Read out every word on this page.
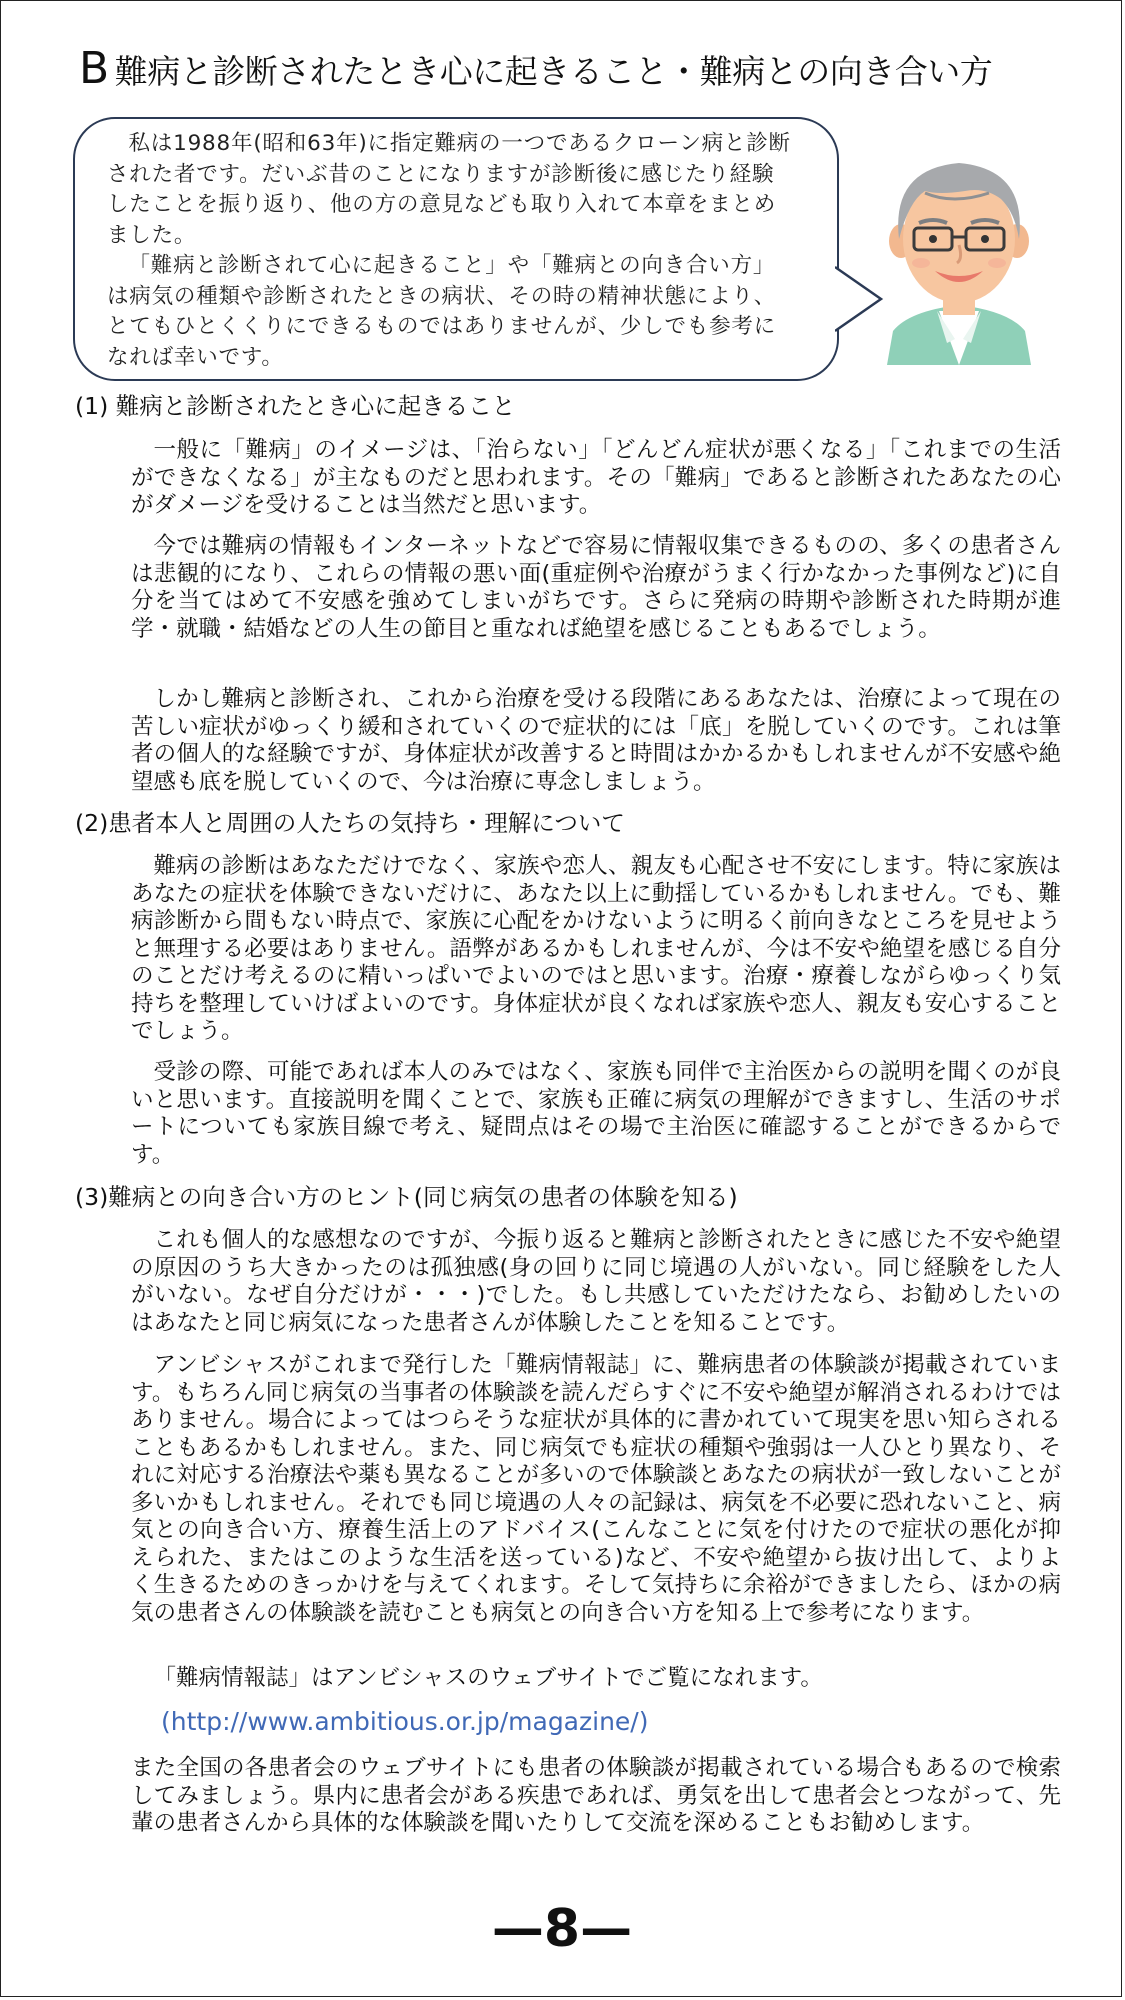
B 難病と診断されたとき心に起きること・難病との向き合い方

私は1988年(昭和63年)に指定難病の一つであるクローン病と診断された者です。だいぶ昔のことになりますが診断後に感じたり経験したことを振り返り、他の方の意見なども取り入れて本章をまとめました。

「難病と診断されて心に起きること」や「難病との向き合い方」は病気の種類や診断されたときの病状、その時の精神状態により、とてもひとくくりにできるものではありませんが、少しでも参考になれば幸いです。

(1) 難病と診断されたとき心に起きること

一般に「難病」のイメージは、「治らない」「どんどん症状が悪くなる」「これまでの生活ができなくなる」が主なものだと思われます。その「難病」であると診断されたあなたの心がダメージを受けることは当然だと思います。

今では難病の情報もインターネットなどで容易に情報収集できるものの、多くの患者さんは悲観的になり、これらの情報の悪い面(重症例や治療がうまく行かなかった事例など)に自分を当てはめて不安感を強めてしまいがちです。さらに発病の時期や診断された時期が進学・就職・結婚などの人生の節目と重なれば絶望を感じることもあるでしょう。

しかし難病と診断され、これから治療を受ける段階にあるあなたは、治療によって現在の苦しい症状がゆっくり緩和されていくので症状的には「底」を脱していくのです。これは筆者の個人的な経験ですが、身体症状が改善すると時間はかかるかもしれませんが不安感や絶望感も底を脱していくので、今は治療に専念しましょう。

(2)患者本人と周囲の人たちの気持ち・理解について

難病の診断はあなただけでなく、家族や恋人、親友も心配させ不安にします。特に家族はあなたの症状を体験できないだけに、あなた以上に動揺しているかもしれません。でも、難病診断から間もない時点で、家族に心配をかけないように明るく前向きなところを見せようと無理する必要はありません。語弊があるかもしれませんが、今は不安や絶望を感じる自分のことだけ考えるのに精いっぱいでよいのではと思います。治療・療養しながらゆっくり気持ちを整理していけばよいのです。身体症状が良くなれば家族や恋人、親友も安心することでしょう。

受診の際、可能であれば本人のみではなく、家族も同伴で主治医からの説明を聞くのが良いと思います。直接説明を聞くことで、家族も正確に病気の理解ができますし、生活のサポートについても家族目線で考え、疑問点はその場で主治医に確認することができるからです。

(3)難病との向き合い方のヒント(同じ病気の患者の体験を知る)

これも個人的な感想なのですが、今振り返ると難病と診断されたときに感じた不安や絶望の原因のうち大きかったのは孤独感(身の回りに同じ境遇の人がいない。同じ経験をした人がいない。なぜ自分だけが・・・)でした。もし共感していただけたなら、お勧めしたいのはあなたと同じ病気になった患者さんが体験したことを知ることです。

アンビシャスがこれまで発行した「難病情報誌」に、難病患者の体験談が掲載されています。もちろん同じ病気の当事者の体験談を読んだらすぐに不安や絶望が解消されるわけではありません。場合によってはつらそうな症状が具体的に書かれていて現実を思い知らされることもあるかもしれません。また、同じ病気でも症状の種類や強弱は一人ひとり異なり、それに対応する治療法や薬も異なることが多いので体験談とあなたの病状が一致しないことが多いかもしれません。それでも同じ境遇の人々の記録は、病気を不必要に恐れないこと、病気との向き合い方、療養生活上のアドバイス(こんなことに気を付けたので症状の悪化が抑えられた、またはこのような生活を送っている)など、不安や絶望から抜け出して、よりよく生きるためのきっかけを与えてくれます。そして気持ちに余裕ができましたら、ほかの病気の患者さんの体験談を読むことも病気との向き合い方を知る上で参考になります。

「難病情報誌」はアンビシャスのウェブサイトでご覧になれます。

(http://www.ambitious.or.jp/magazine/)

また全国の各患者会のウェブサイトにも患者の体験談が掲載されている場合もあるので検索してみましょう。県内に患者会がある疾患であれば、勇気を出して患者会とつながって、先輩の患者さんから具体的な体験談を聞いたりして交流を深めることもお勧めします。

—8—
